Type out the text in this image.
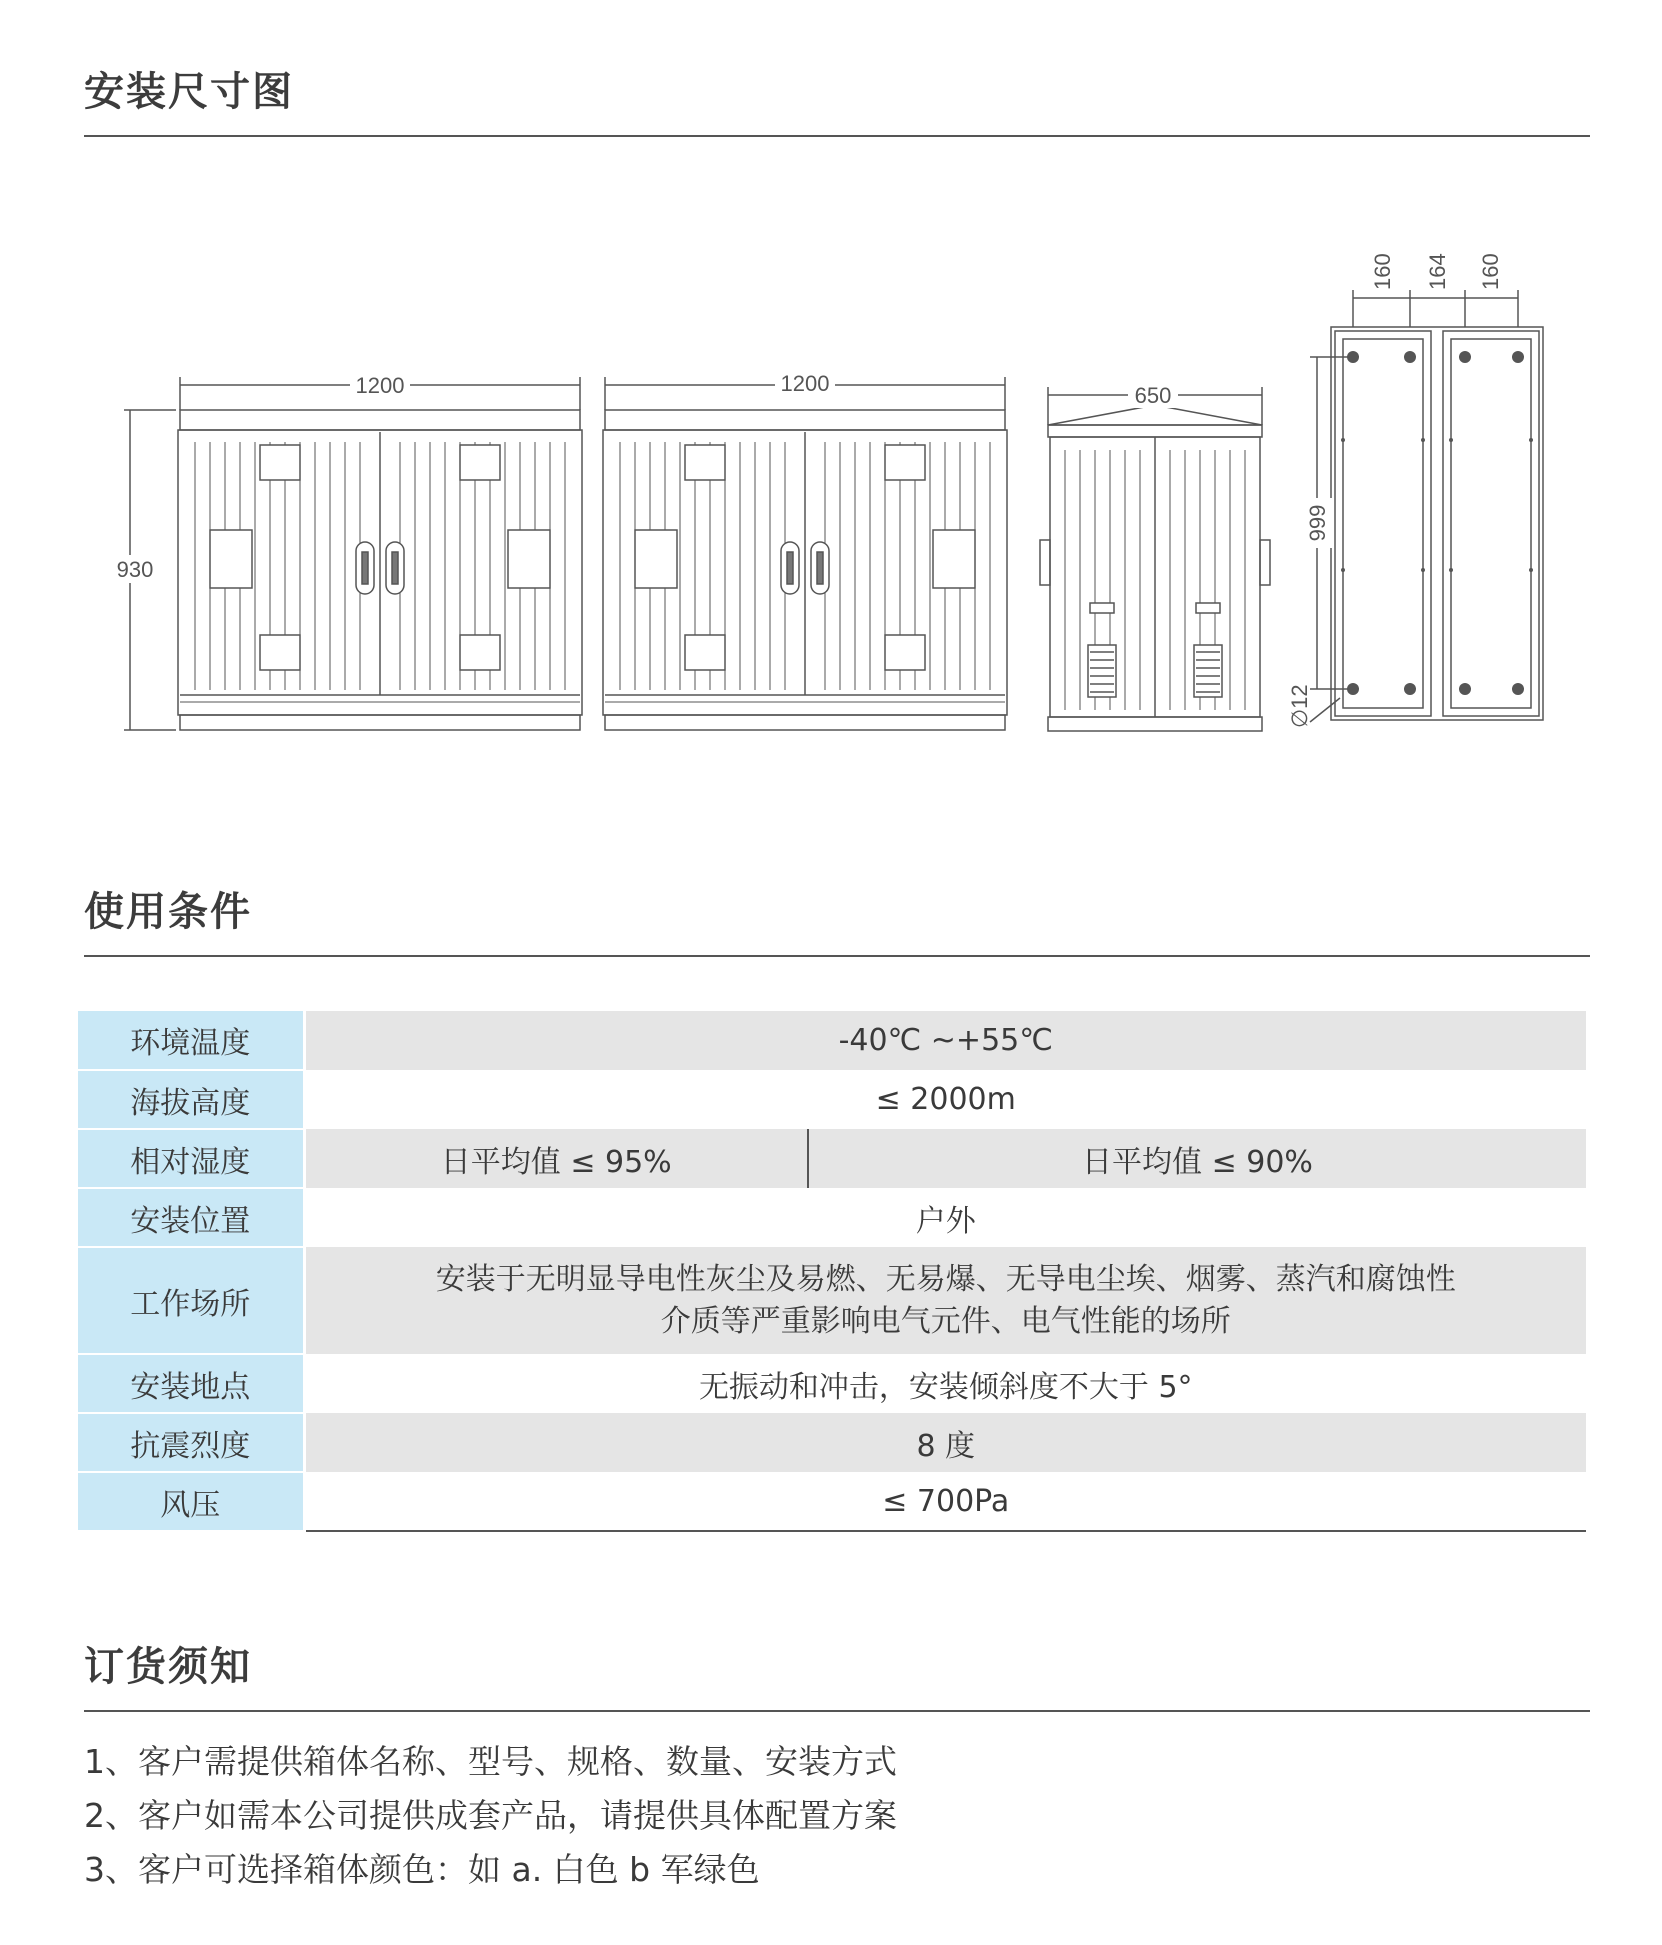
安装尺寸图
1200	1200	650
930
160 164 160
999
∅12
使用条件
环境温度	-40℃ ~+55℃	
海拔高度	≤ 2000m	
相对湿度	日平均值 ≤ 95%	日平均值 ≤ 90%
安装位置	户外	
工作场所	安装于无明显导电性灰尘及易燃、无易爆、无导电尘埃、烟雾、蒸汽和腐蚀性
介质等严重影响电气元件、电气性能的场所	

安装地点	无振动和冲击，安装倾斜度不大于 5°	
抗震烈度	8 度	
风压	≤ 700Pa	
订货须知
1、客户需提供箱体名称、型号、规格、数量、安装方式
2、客户如需本公司提供成套产品，请提供具体配置方案
3、客户可选择箱体颜色：如 a. 白色 b 军绿色
